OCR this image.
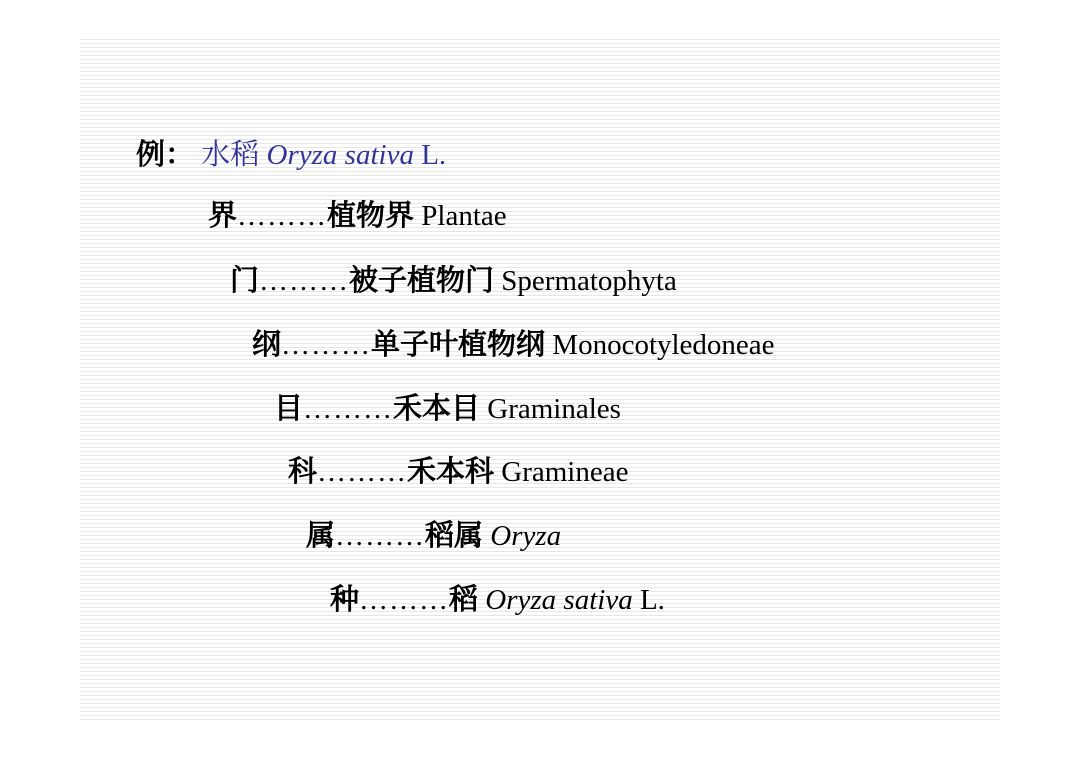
例： 水稻 Oryza sativa L.
界………植物界 Plantae
门………被子植物门 Spermatophyta
纲………单子叶植物纲 Monocotyledoneae
目………禾本目 Graminales
科………禾本科 Gramineae
属………稻属 Oryza
种………稻 Oryza sativa L.
